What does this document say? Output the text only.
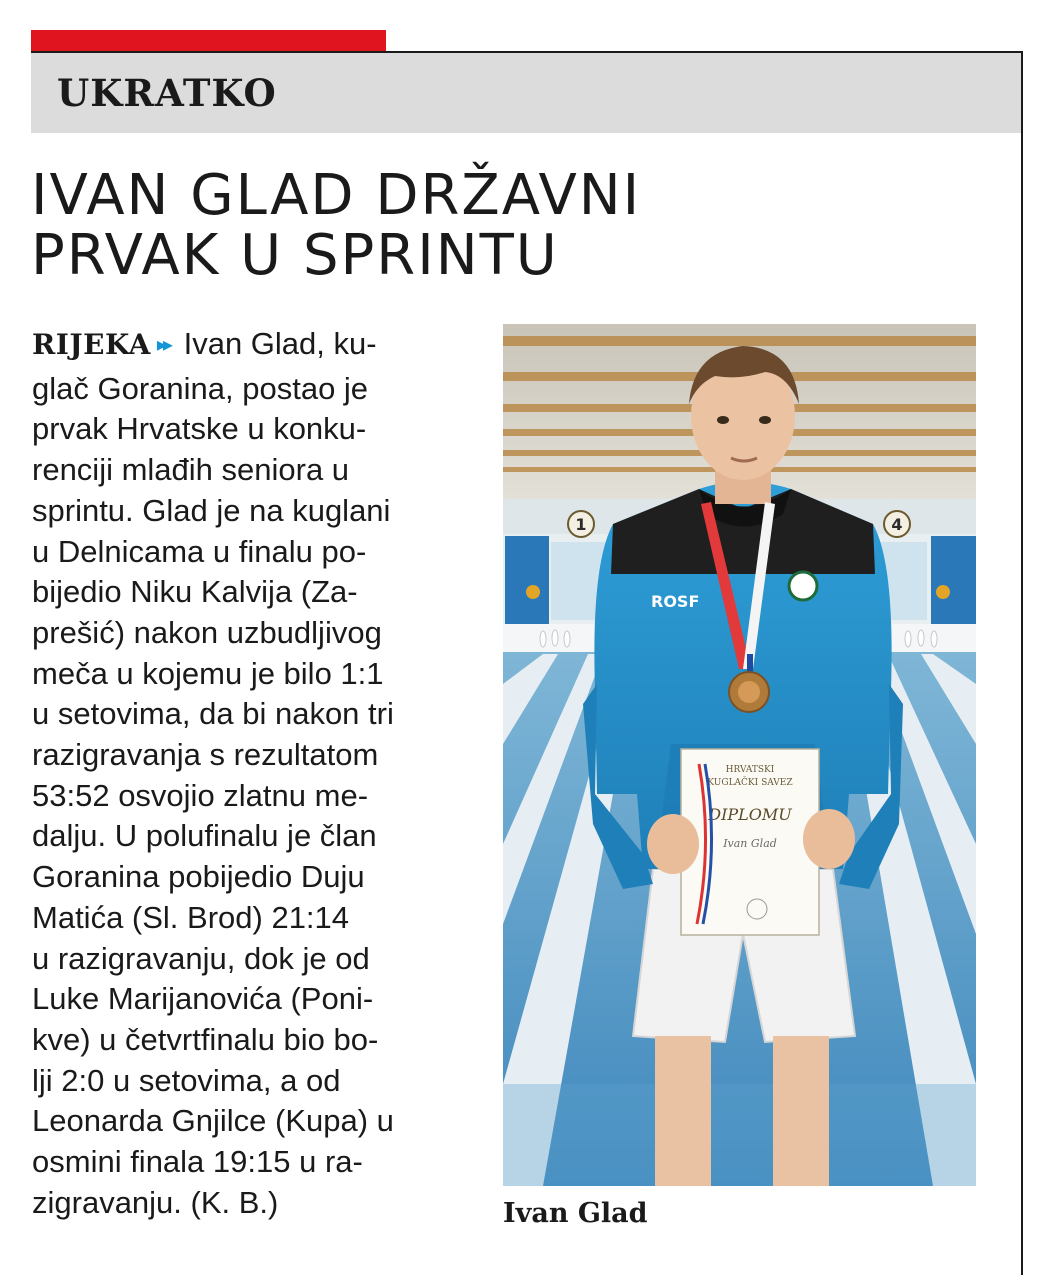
UKRATKO
IVAN GLAD DRŽAVNI
PRVAK U SPRINTU
RIJEKA ▸▸ Ivan Glad, ku-
glač Goranina, postao je
prvak Hrvatske u konku-
renciji mlađih seniora u
sprintu. Glad je na kuglani
u Delnicama u finalu po-
bijedio Niku Kalvija (Za-
prešić) nakon uzbudljivog
meča u kojemu je bilo 1:1
u setovima, da bi nakon tri
razigravanja s rezultatom
53:52 osvojio zlatnu me-
dalju. U polufinalu je član
Goranina pobijedio Duju
Matića (Sl. Brod) 21:14
u razigravanju, dok je od
Luke Marijanovića (Poni-
kve) u četvrtfinalu bio bo-
lji 2:0 u setovima, a od
Leonarda Gnjilce (Kupa) u
osmini finala 19:15 u ra-
zigravanju. (K. B.)
1	4
ROSF
HRVATSKI
KUGLAČKI SAVEZ
DIPLOMU
Ivan Glad
Ivan Glad
